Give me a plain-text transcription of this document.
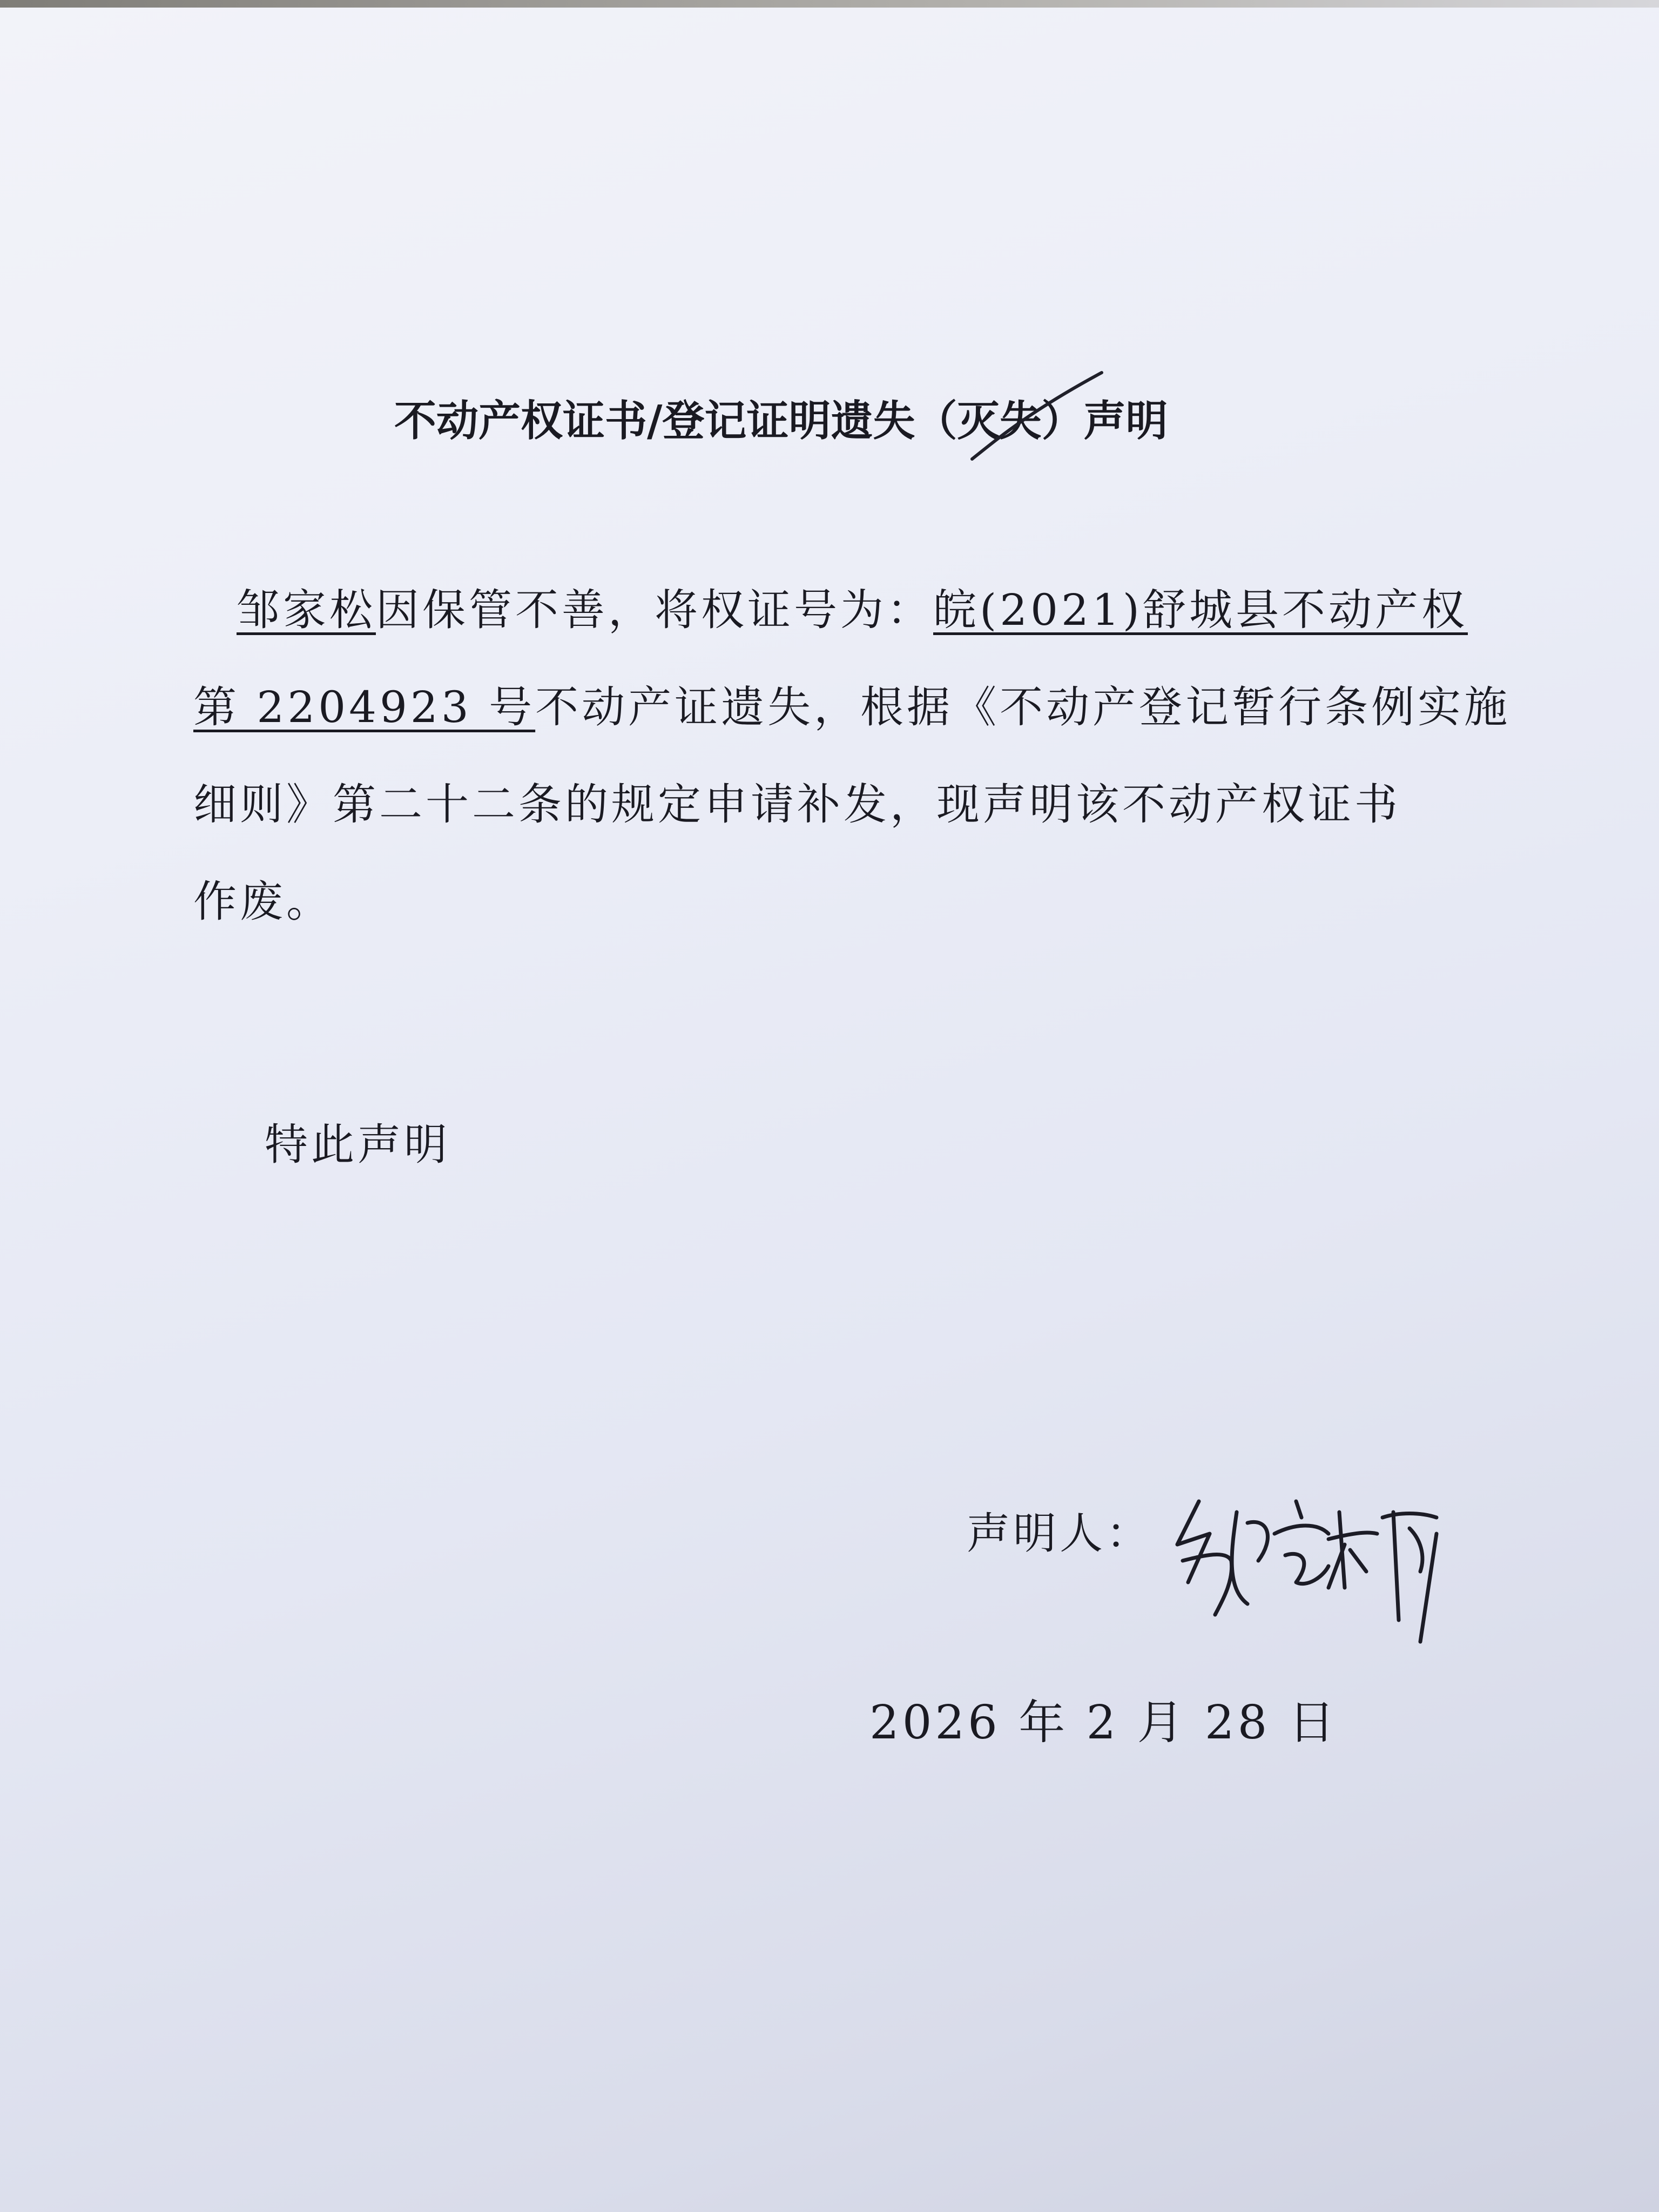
不动产权证书/登记证明遗失（灭失）声明
邹家松因保管不善，将权证号为：皖(2021)舒城县不动产权
第 2204923 号不动产证遗失，根据《不动产登记暂行条例实施
细则》第二十二条的规定申请补发，现声明该不动产权证书
作废。
特此声明
声明人：
2026 年 2 月 28 日
